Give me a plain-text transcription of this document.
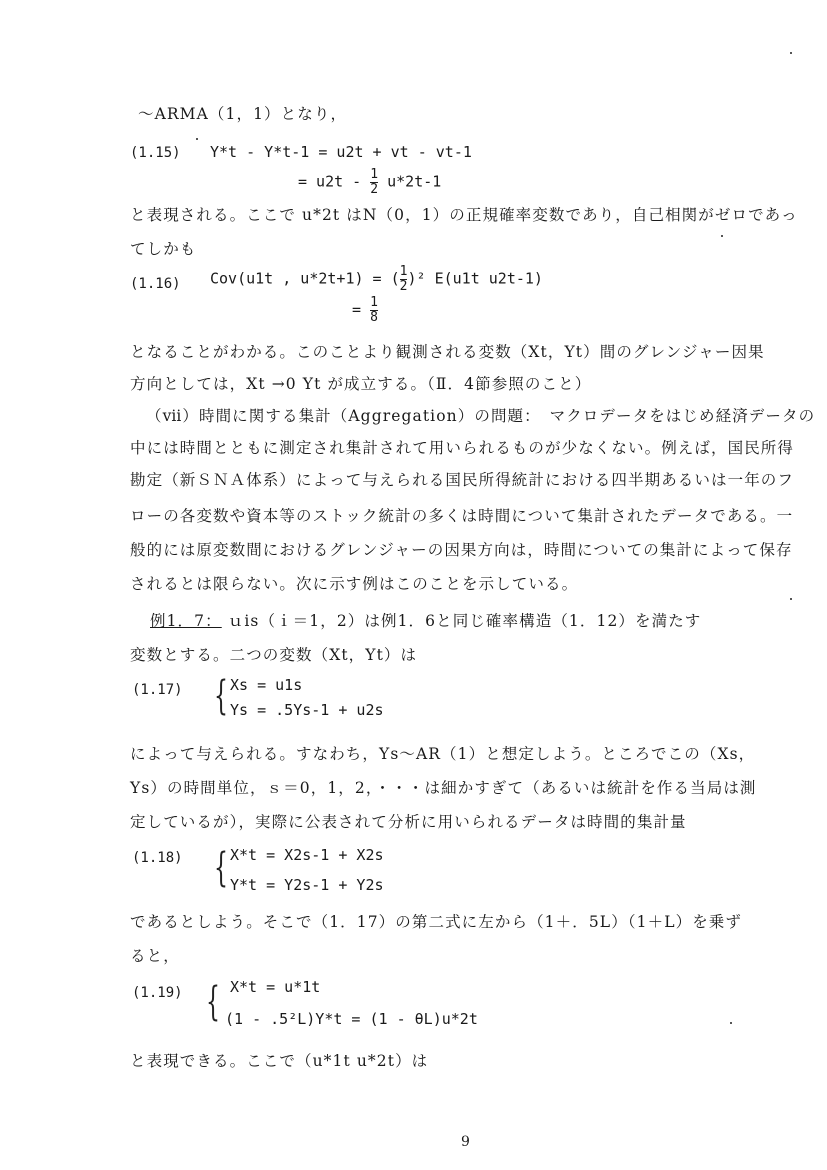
～ARMA（1，1）となり，
(1.15) Y*t - Y*t-1 = u2t + vt - vt-1
= $u2t - \frac{1}{2} u*2t-1$
と表現される。ここで u*2t はN（0，1）の正規確率変数であり，自己相関がゼロであっ
てしかも
(1.16) Cov(u1t , u*2t+1) = ( $\frac{1}{2} )^2$ E(u1t u2t-1)
= $\frac{1}{8}$
となることがわかる。このことより観測される変数（Xt，Yt）間のグレンジャー因果
方向としては，Xt →0 Yt が成立する。（Ⅱ．4節参照のこと）
（ⅶ）時間に関する集計（Aggregation）の問題：　マクロデータをはじめ経済データの
中には時間とともに測定され集計されて用いられるものが少なくない。例えば，国民所得
勘定（新ＳＮＡ体系）によって与えられる国民所得統計における四半期あるいは一年のフ
ローの各変数や資本等のストック統計の多くは時間について集計されたデータである。一
般的には原変数間におけるグレンジャーの因果方向は，時間についての集計によって保存
されるとは限らない。次に示す例はこのことを示している。
例1．7： ｕis（ｉ＝1，2）は例1．6と同じ確率構造（1．12）を満たす
変数とする。二つの変数（Xt，Yt）は
(1.17) { Xs = u1s
Ys = .5Ys-1 + u2s
によって与えられる。すなわち，Ys～AR（1）と想定しよう。ところでこの（Xs，
Ys）の時間単位，ｓ＝0，1，2，・・・は細かすぎて（あるいは統計を作る当局は測
定しているが），実際に公表されて分析に用いられるデータは時間的集計量
(1.18) { X*t = X2s-1 + X2s
Y*t = Y2s-1 + Y2s
であるとしよう。そこで（1．17）の第二式に左から（1＋．5L）（1＋L）を乗ず
ると，
(1.19) { X*t = u*1t
(1 - .5²L)Y*t = (1 - θL)u*2t
と表現できる。ここで（u*1t u*2t）は
9
